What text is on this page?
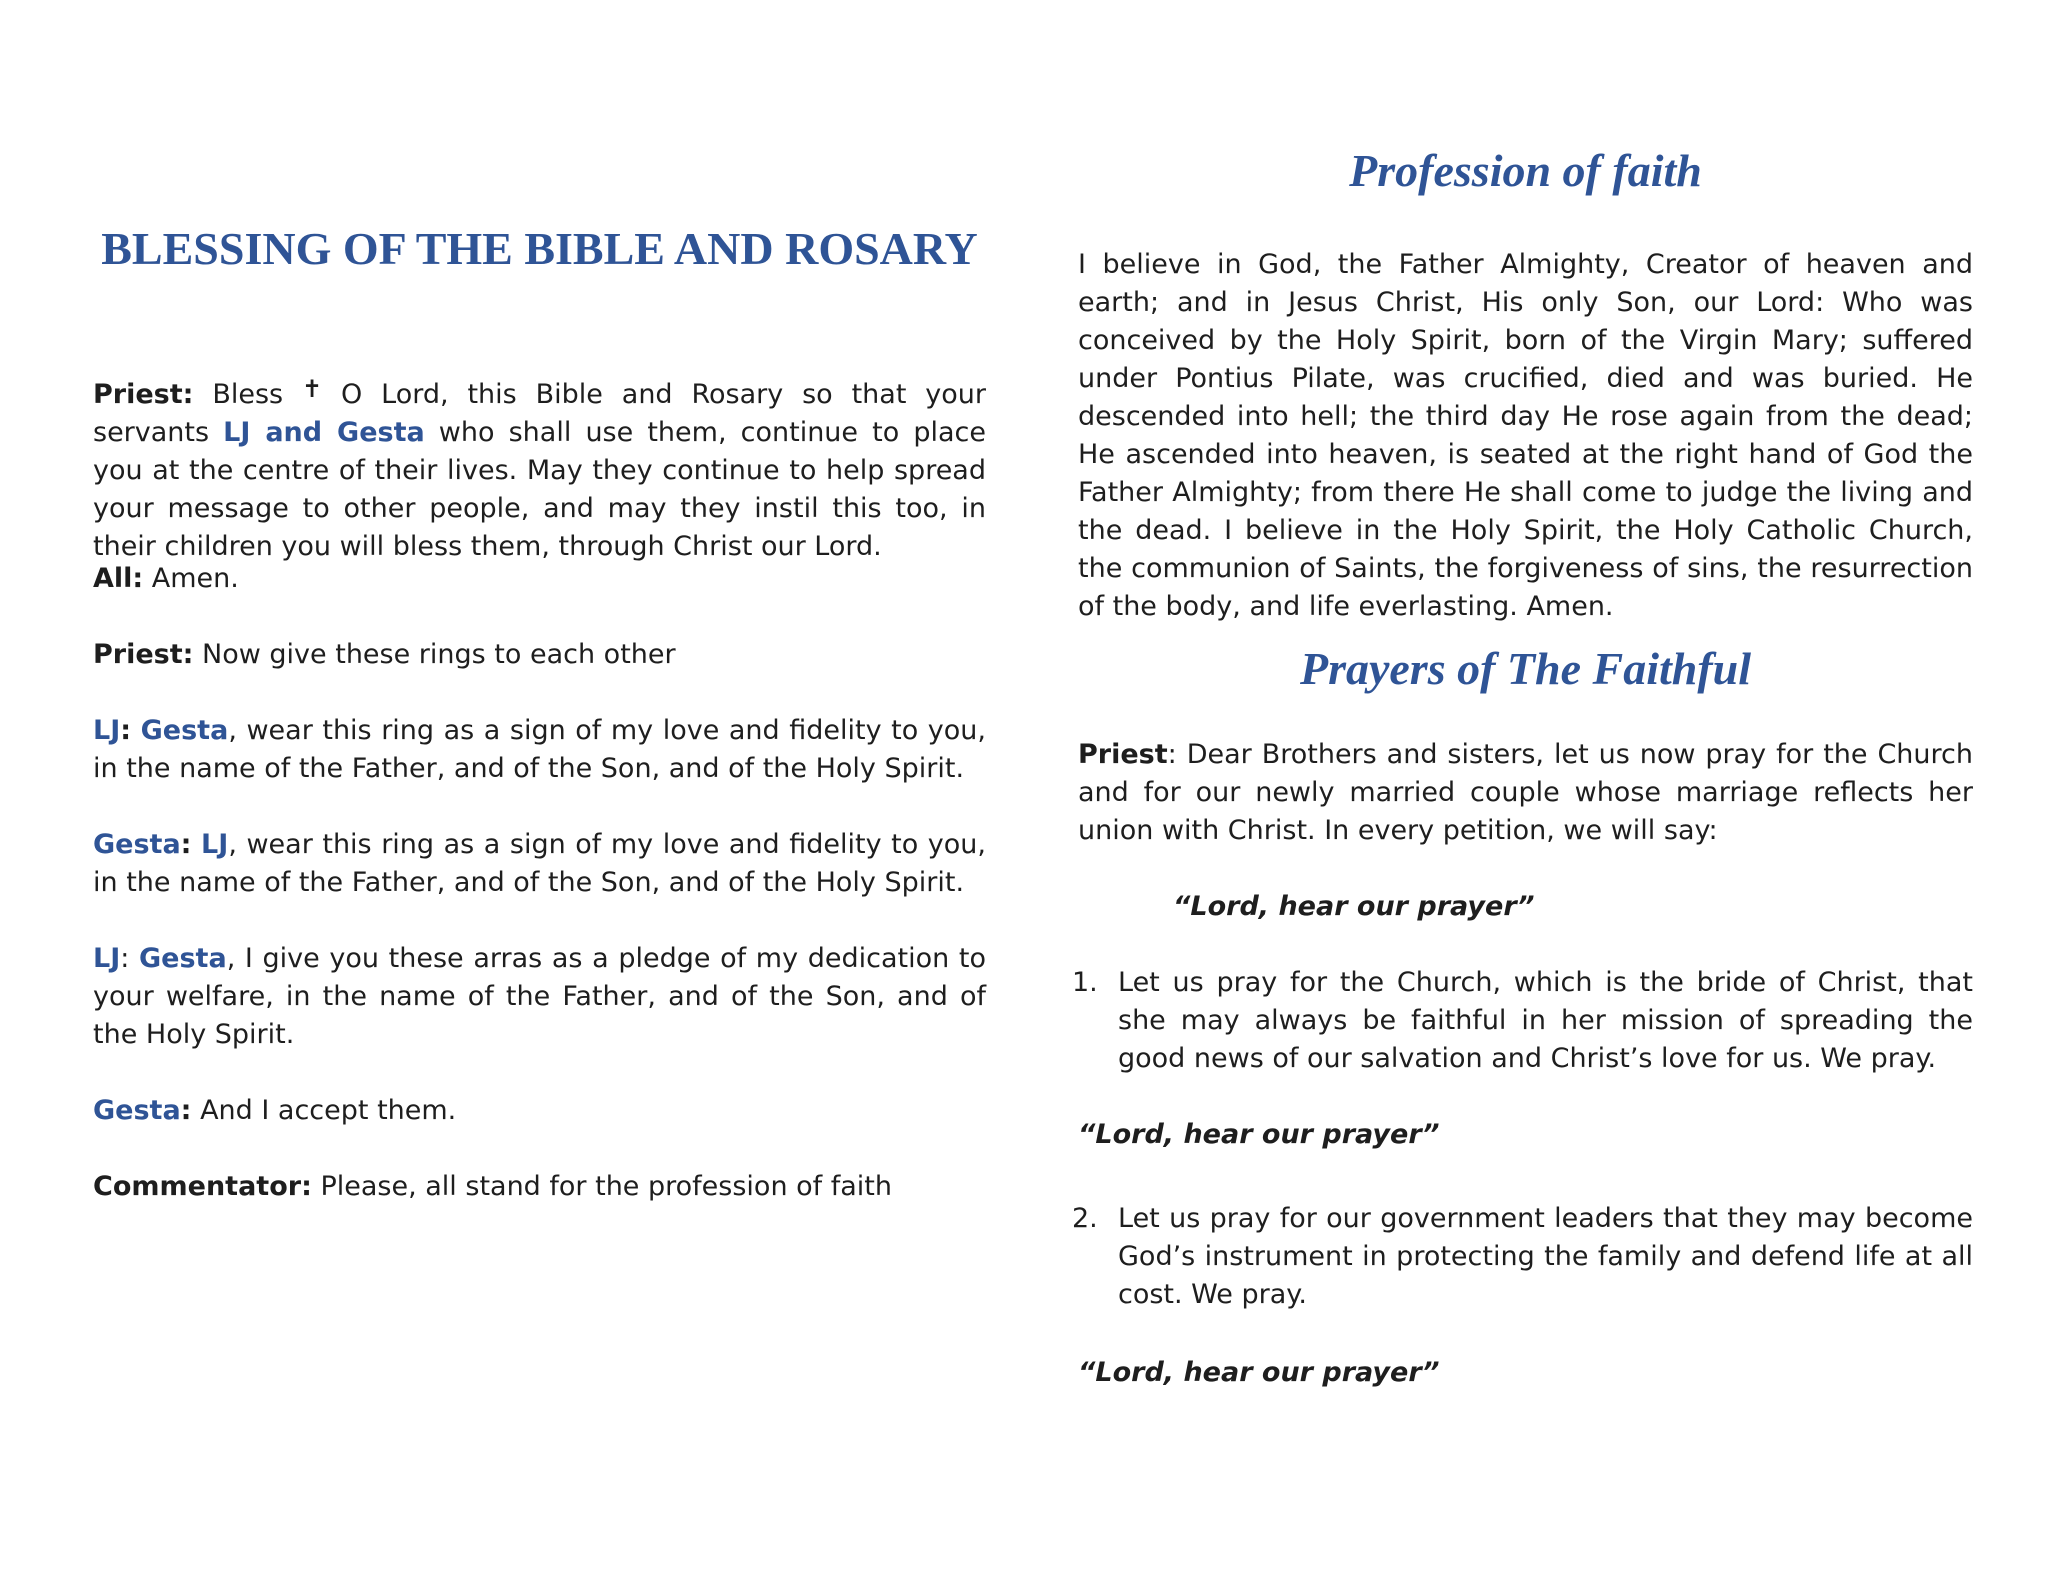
BLESSING OF THE BIBLE AND ROSARY

Priest: Bless ✝ O Lord, this Bible and Rosary so that your servants LJ and Gesta who shall use them, continue to place you at the centre of their lives. May they continue to help spread your message to other people, and may they instil this too, in their children you will bless them, through Christ our Lord.

All: Amen.

Priest: Now give these rings to each other

LJ: Gesta, wear this ring as a sign of my love and fidelity to you, in the name of the Father, and of the Son, and of the Holy Spirit.

Gesta: LJ, wear this ring as a sign of my love and fidelity to you, in the name of the Father, and of the Son, and of the Holy Spirit.

LJ: Gesta, I give you these arras as a pledge of my dedication to your welfare, in the name of the Father, and of the Son, and of the Holy Spirit.

Gesta: And I accept them.

Commentator: Please, all stand for the profession of faith

Profession of faith

I believe in God, the Father Almighty, Creator of heaven and earth; and in Jesus Christ, His only Son, our Lord: Who was conceived by the Holy Spirit, born of the Virgin Mary; suffered under Pontius Pilate, was crucified, died and was buried. He descended into hell; the third day He rose again from the dead; He ascended into heaven, is seated at the right hand of God the Father Almighty; from there He shall come to judge the living and the dead. I believe in the Holy Spirit, the Holy Catholic Church, the communion of Saints, the forgiveness of sins, the resurrection of the body, and life everlasting. Amen.

Prayers of The Faithful

Priest: Dear Brothers and sisters, let us now pray for the Church and for our newly married couple whose marriage reflects her union with Christ. In every petition, we will say:

“Lord, hear our prayer”

1. Let us pray for the Church, which is the bride of Christ, that she may always be faithful in her mission of spreading the good news of our salvation and Christ’s love for us. We pray.

“Lord, hear our prayer”

2. Let us pray for our government leaders that they may become God’s instrument in protecting the family and defend life at all cost. We pray.

“Lord, hear our prayer”
